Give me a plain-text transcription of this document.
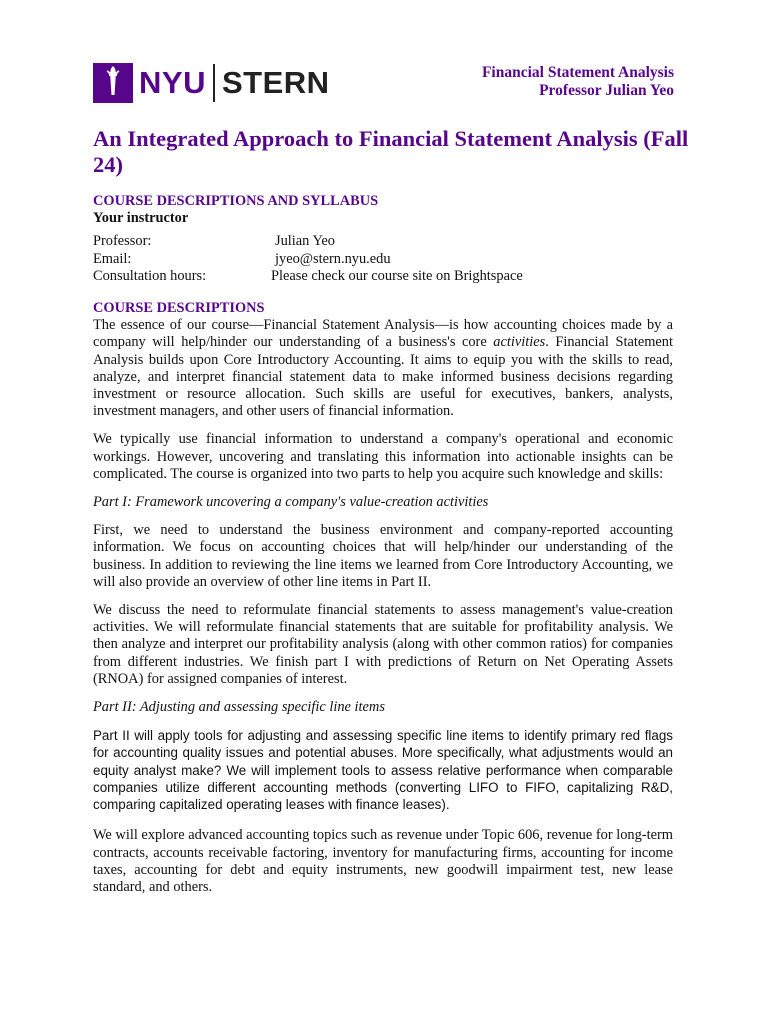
NYU STERN	Financial Statement Analysis
Professor Julian Yeo
An Integrated Approach to Financial Statement Analysis (Fall 24)
COURSE DESCRIPTIONS AND SYLLABUS
Your instructor
Professor:	Julian Yeo
Email:	jyeo@stern.nyu.edu
Consultation hours:	Please check our course site on Brightspace
COURSE DESCRIPTIONS

The essence of our course—Financial Statement Analysis—is how accounting choices made by a company will help/hinder our understanding of a business's core activities. Financial Statement Analysis builds upon Core Introductory Accounting. It aims to equip you with the skills to read, analyze, and interpret financial statement data to make informed business decisions regarding investment or resource allocation. Such skills are useful for executives, bankers, analysts, investment managers, and other users of financial information.

We typically use financial information to understand a company's operational and economic workings. However, uncovering and translating this information into actionable insights can be complicated. The course is organized into two parts to help you acquire such knowledge and skills:

Part I: Framework uncovering a company's value-creation activities

First, we need to understand the business environment and company-reported accounting information. We focus on accounting choices that will help/hinder our understanding of the business. In addition to reviewing the line items we learned from Core Introductory Accounting, we will also provide an overview of other line items in Part II.

We discuss the need to reformulate financial statements to assess management's value-creation activities. We will reformulate financial statements that are suitable for profitability analysis. We then analyze and interpret our profitability analysis (along with other common ratios) for companies from different industries. We finish part I with predictions of Return on Net Operating Assets (RNOA) for assigned companies of interest.

Part II: Adjusting and assessing specific line items

Part II will apply tools for adjusting and assessing specific line items to identify primary red flags for accounting quality issues and potential abuses. More specifically, what adjustments would an equity analyst make? We will implement tools to assess relative performance when comparable companies utilize different accounting methods (converting LIFO to FIFO, capitalizing R&D, comparing capitalized operating leases with finance leases).

We will explore advanced accounting topics such as revenue under Topic 606, revenue for long-term contracts, accounts receivable factoring, inventory for manufacturing firms, accounting for income taxes, accounting for debt and equity instruments, new goodwill impairment test, new lease standard, and others.
